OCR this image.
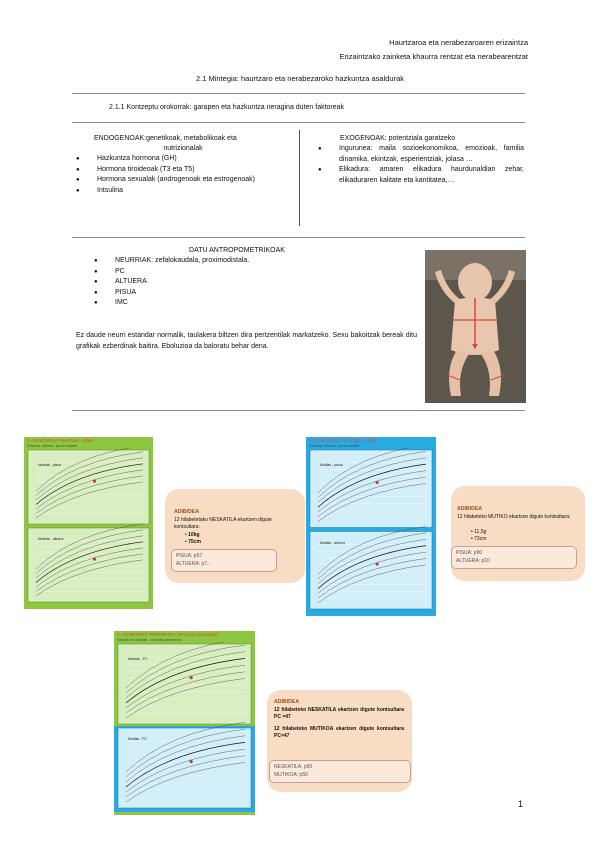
Haurtzaroa eta nerabezaroaren erizaintza
Erizaintzako zainketa khaurra rentzat eta nerabearentzat
2.1 Mintegia: haurtzaro eta nerabezaroko hazkuntza asaldurak
2.1.1 Kontzeptu orokorrak: garapen eta hazkuntza neragina duten faktoreak
ENDOGENOAK:genetikoak, metabolikoak eta
nutrizionalak
● Hazkuntza hormona (GH)
● Hormona tiroideoak (T3 eta T5)
● Hormona sexualak (androgenoak eta estrogenoak)
● Intsulina
EXOGENOAK: potentziala garatzeko
● Ingurunea: maila sozioekonomikoa, emozioak, familia dinamika, ekintzak, esperientziak, jolasa …
● Elikadura: amaren elikadura haurdunaldian zehar, elikaduraren kalitate eta kantitatea,…
DATU ANTROPOMETRIKOAK
● NEURRIAK: zefalokaudala, proximodistala.
● PC
● ALTUERA
● PISUA
● IMC
Ez daude neurri estandar normalik, taulakera biltzen dira pertzentilak markatzeko. Sexu bakoitzak bereak ditu grafikak ezberdinak baitira. Eboluzioa da baloratu behar dena.
0 - 24 MONTHS: Peso/Talla - girlaki
Erlazioa: altuera - pisua neskak
Neskak - pisua
Neskak - altuera
0 - 24 MONTHS: Peso/Talla - mutilak
Erlazioa: altuera - pisua mutilak
Mutilak - pisua
Mutilak - altuera
0 - 24 MONTHS: PERIMETRO CEFALICO (percentile)
Neskak eta mutilak - burbuila perimetroa
Neskak - PC
Mutilak - PC
ADIBIDEA
12 hilabetetako NESKATILA ekartzen digute kontsultara:
• 10kg
• 75cm
PISUA: p57
ALTUERA: p7...
ADIBIDEA
12 hilabeteko MUTIKO ekartzen digute kontsultara:
• 11,5g
• 73cm
PISUA: p90
ALTUERA: p10
ADIBIDEA
12 hilabeteko NESKATILA ekartzen digute kontsultara PC =47
12 hilabeteko MUTIKOA ekartzen digute kontsultara PC=47
NESKATILA: p90
MUTIKOA: p50
1
